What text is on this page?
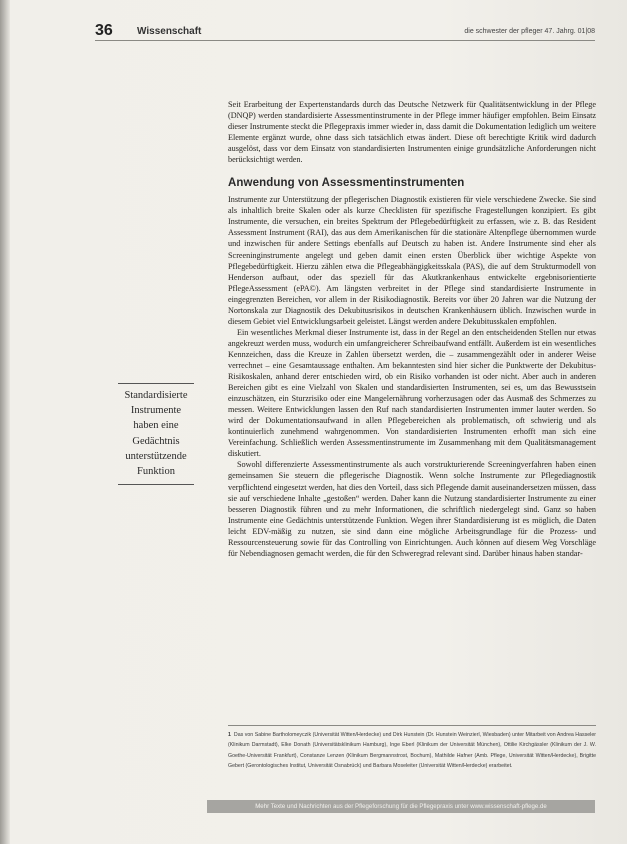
36 Wissenschaft	die schwester der pfleger 47. Jahrg. 01|08

Seit Erarbeitung der Expertenstandards durch das Deutsche Netzwerk für Qualitätsentwicklung in der Pflege (DNQP) werden standardisierte Assessmentinstrumente in der Pflege immer häufiger empfohlen. Beim Einsatz dieser Instrumente steckt die Pflegepraxis immer wieder in, dass damit die Dokumentation lediglich um weitere Elemente ergänzt wurde, ohne dass sich tatsächlich etwas ändert. Diese oft berechtigte Kritik wird dadurch ausgelöst, dass vor dem Einsatz von standardisierten Instrumenten einige grundsätzliche Anforderungen nicht berücksichtigt werden.

Anwendung von Assessmentinstrumenten

Instrumente zur Unterstützung der pflegerischen Diagnostik existieren für viele verschiedene Zwecke. Sie sind als inhaltlich breite Skalen oder als kurze Checklisten für spezifische Fragestellungen konzipiert. Es gibt Instrumente, die versuchen, ein breites Spektrum der Pflegebedürftigkeit zu erfassen, wie z. B. das Resident Assessment Instrument (RAI), das aus dem Amerikanischen für die stationäre Altenpflege übernommen wurde und inzwischen für andere Settings ebenfalls auf Deutsch zu haben ist. Andere Instrumente sind eher als Screeninginstrumente angelegt und geben damit einen ersten Überblick über wichtige Aspekte von Pflegebedürftigkeit. Hierzu zählen etwa die Pflegeabhängigkeitsskala (PAS), die auf dem Strukturmodell von Henderson aufbaut, oder das speziell für das Akutkrankenhaus entwickelte ergebnisorientierte PflegeAssessment (ePA©). Am längsten verbreitet in der Pflege sind standardisierte Instrumente in eingegrenzten Bereichen, vor allem in der Risikodiagnostik. Bereits vor über 20 Jahren war die Nutzung der Nortonskala zur Diagnostik des Dekubitusrisikos in deutschen Krankenhäusern üblich. Inzwischen wurde in diesem Gebiet viel Entwicklungsarbeit geleistet. Längst werden andere Dekubitusskalen empfohlen.

Ein wesentliches Merkmal dieser Instrumente ist, dass in der Regel an den entscheidenden Stellen nur etwas angekreuzt werden muss, wodurch ein umfangreicherer Schreibaufwand entfällt. Außerdem ist ein wesentliches Kennzeichen, dass die Kreuze in Zahlen übersetzt werden, die – zusammengezählt oder in anderer Weise verrechnet – eine Gesamtaussage enthalten. Am bekanntesten sind hier sicher die Punktwerte der Dekubitus-Risikoskalen, anhand derer entschieden wird, ob ein Risiko vorhanden ist oder nicht. Aber auch in anderen Bereichen gibt es eine Vielzahl von Skalen und standardisierten Instrumenten, sei es, um das Bewusstsein einzuschätzen, ein Sturzrisiko oder eine Mangelernährung vorherzusagen oder das Ausmaß des Schmerzes zu messen. Weitere Entwicklungen lassen den Ruf nach standardisierten Instrumenten immer lauter werden. So wird der Dokumentationsaufwand in allen Pflegebereichen als problematisch, oft schwierig und als kontinuierlich zunehmend wahrgenommen. Von standardisierten Instrumenten erhofft man sich eine Vereinfachung. Schließlich werden Assessmentinstrumente im Zusammenhang mit dem Qualitätsmanagement diskutiert.

Sowohl differenzierte Assessmentinstrumente als auch vorstrukturierende Screeningverfahren haben einen gemeinsamen Sie steuern die pflegerische Diagnostik. Wenn solche Instrumente zur Pflegediagnostik verpflichtend eingesetzt werden, hat dies den Vorteil, dass sich Pflegende damit auseinandersetzen müssen, dass sie auf verschiedene Inhalte „gestoßen“ werden. Daher kann die Nutzung standardisierter Instrumente zu einer besseren Diagnostik führen und zu mehr Informationen, die schriftlich niedergelegt sind. Ganz so haben Instrumente eine Gedächtnis unterstützende Funktion. Wegen ihrer Standardisierung ist es möglich, die Daten leicht EDV-mäßig zu nutzen, sie sind dann eine mögliche Arbeitsgrundlage für die Prozess- und Ressourcensteuerung sowie für das Controlling von Einrichtungen. Auch können auf diesem Weg Vorschläge für Nebendiagnosen gemacht werden, die für den Schweregrad relevant sind. Darüber hinaus haben standar-

Standardisierte Instrumente haben eine Gedächtnis unterstützende Funktion
1 Das von Sabine Bartholomeyczik (Universität Witten/Herdecke) und Dirk Hunstein (Dr. Hunstein Weinzierl, Wiesbaden) unter Mitarbeit von Andrea Hasseler (Klinikum Darmstadt), Elke Donath (Universitätsklinikum Hamburg), Inge Eberl (Klinikum der Universität München), Ottilie Kirchgässler (Klinikum der J. W. Goethe-Universität Frankfurt), Constanze Lenzen (Klinikum Bergmannstrost, Bochum), Mathilde Hafner (Amb. Pflege, Universität Witten/Herdecke), Brigitte Gebert (Gerontologisches Institut, Universität Osnabrück) und Barbara Moseleiter (Universität Witten/Herdecke) erarbeitet.
Mehr Texte und Nachrichten aus der Pflegeforschung für die Pflegepraxis unter www.wissenschaft-pflege.de
